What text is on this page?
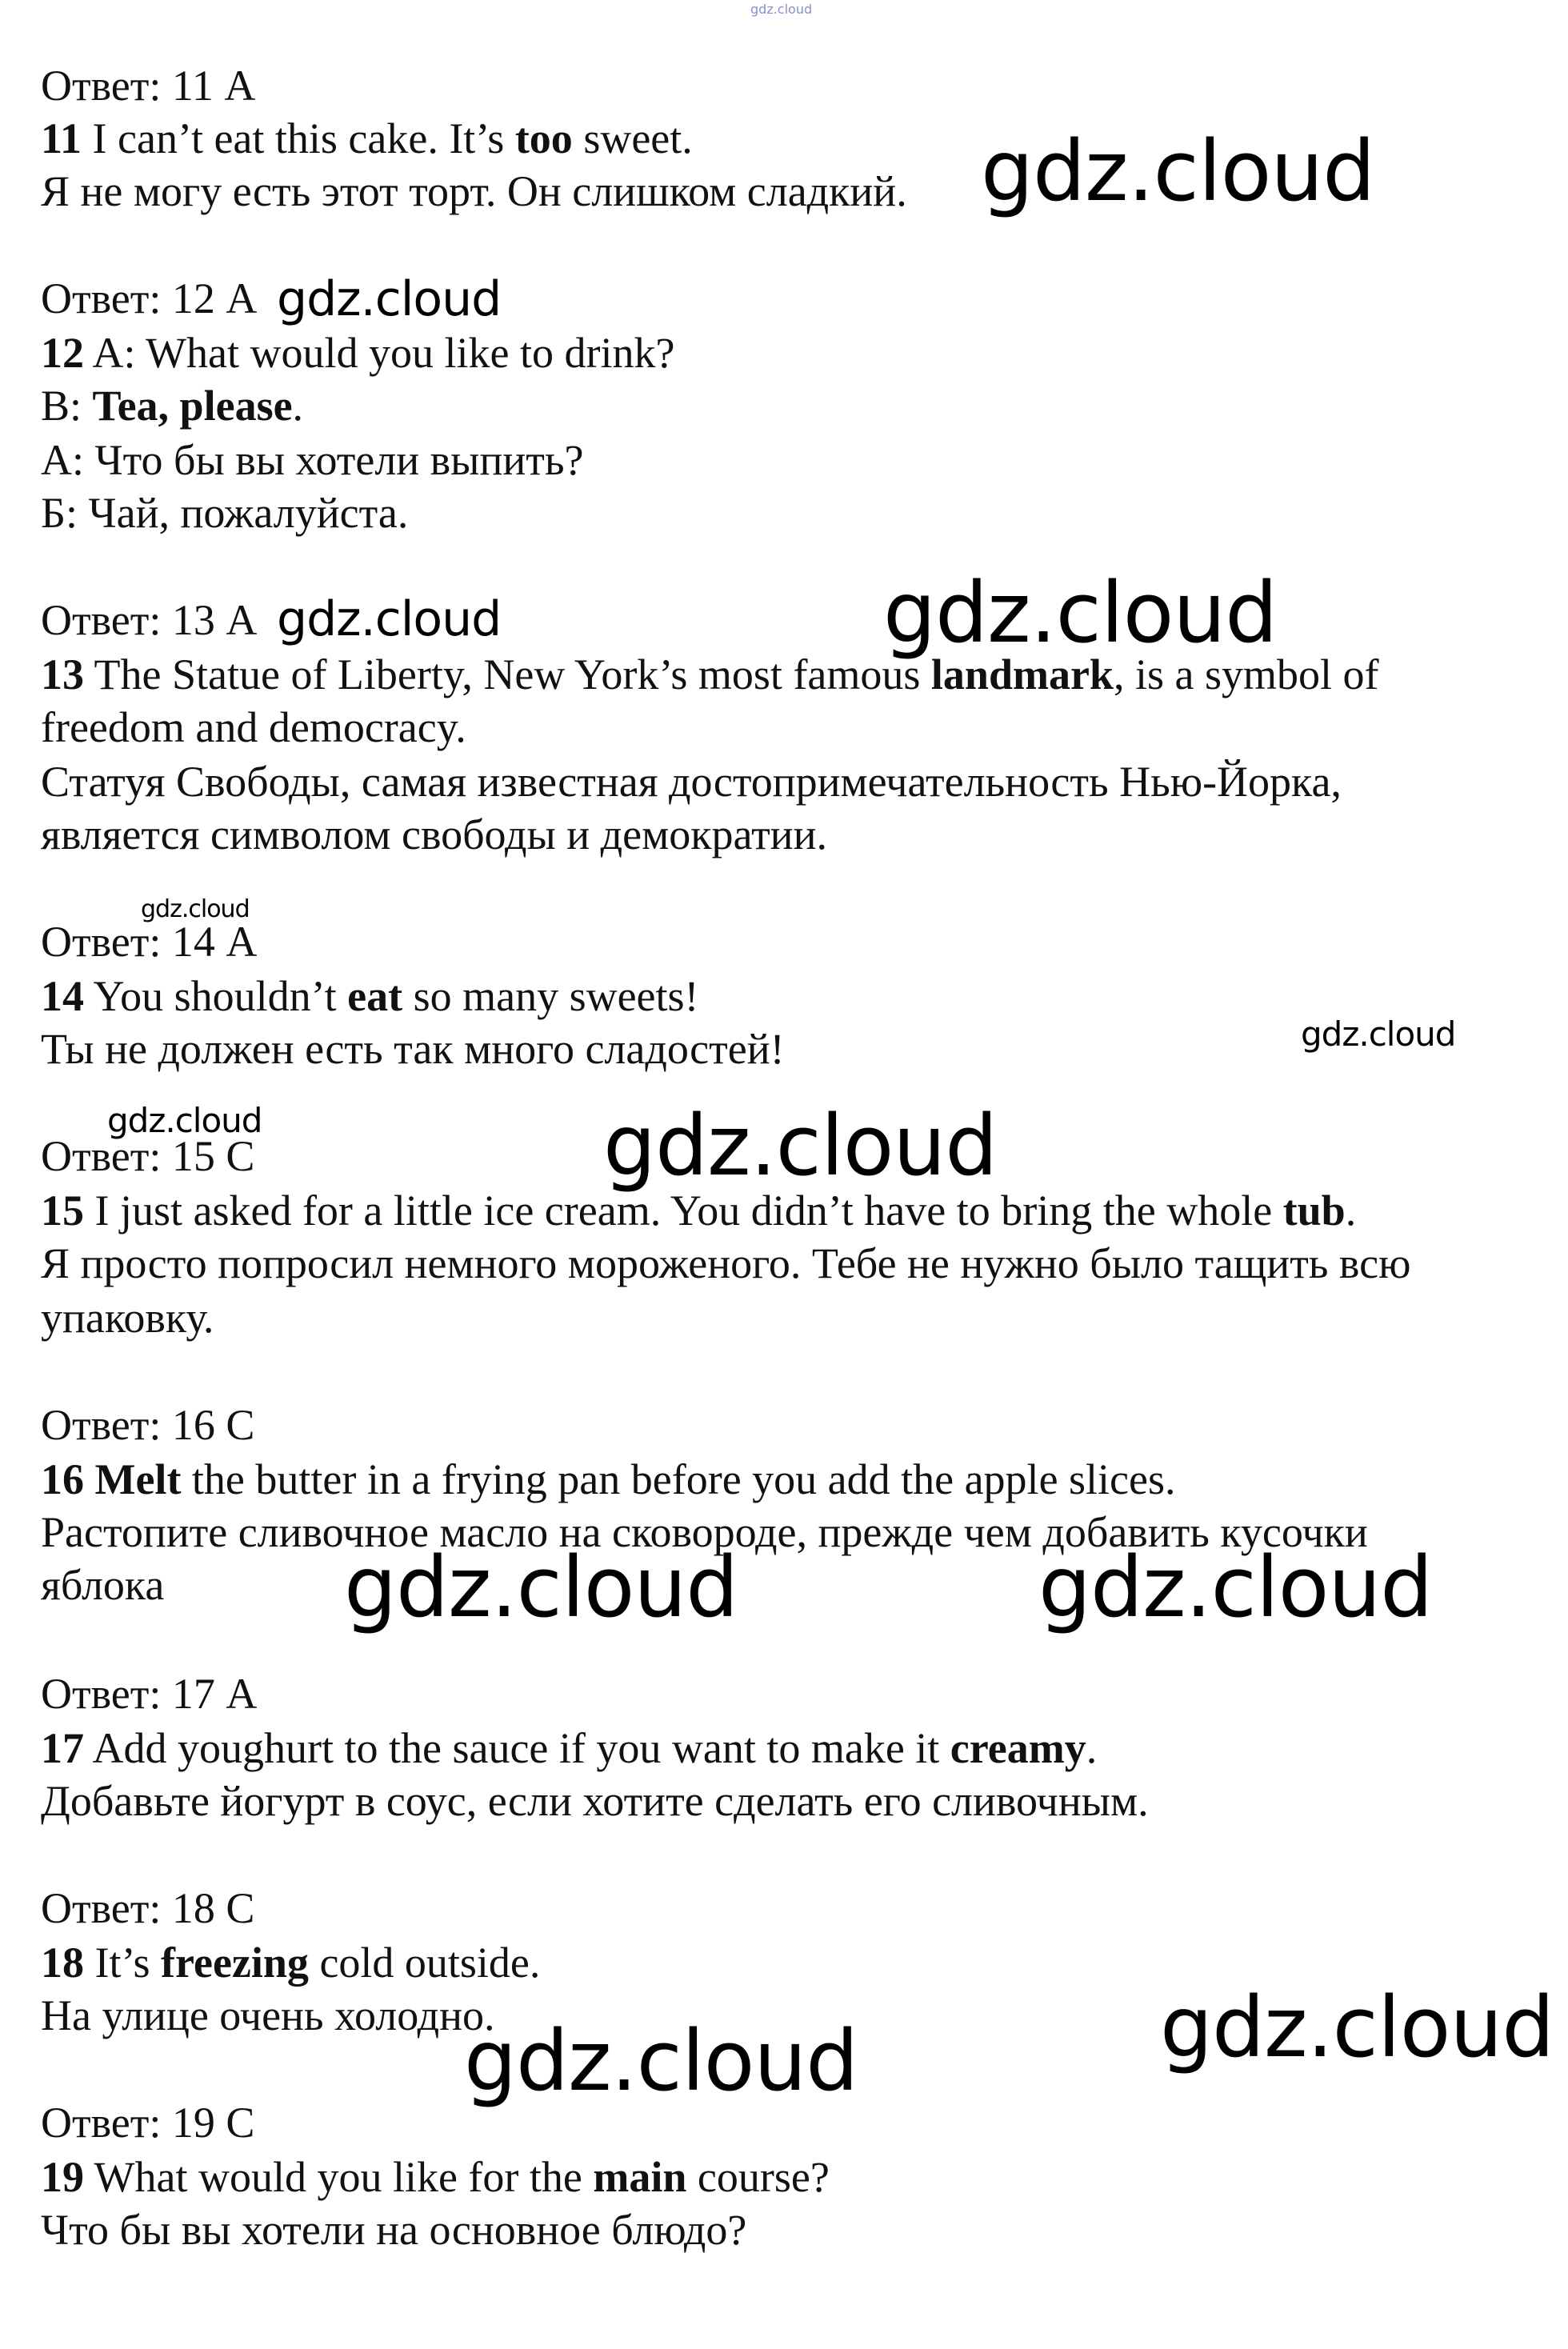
gdz.cloud
Ответ: 11 A
11 I can’t eat this cake. It’s too sweet.
Я не могу есть этот торт. Он слишком сладкий.
Ответ: 12 A
12 A: What would you like to drink?
B: Tea, please.
А: Что бы вы хотели выпить?
Б: Чай, пожалуйста.
Ответ: 13 A
13 The Statue of Liberty, New York’s most famous landmark, is a symbol of
freedom and democracy.
Статуя Свободы, самая известная достопримечательность Нью-Йорка,
является символом свободы и демократии.
Ответ: 14 A
14 You shouldn’t eat so many sweets!
Ты не должен есть так много сладостей!
Ответ: 15 C
15 I just asked for a little ice cream. You didn’t have to bring the whole tub.
Я просто попросил немного мороженого. Тебе не нужно было тащить всю
упаковку.
Ответ: 16 C
16 Melt the butter in a frying pan before you add the apple slices.
Растопите сливочное масло на сковороде, прежде чем добавить кусочки
яблока
Ответ: 17 A
17 Add youghurt to the sauce if you want to make it creamy.
Добавьте йогурт в соус, если хотите сделать его сливочным.
Ответ: 18 C
18 It’s freezing cold outside.
На улице очень холодно.
Ответ: 19 C
19 What would you like for the main course?
Что бы вы хотели на основное блюдо?
gdz.cloud
gdz.cloud
gdz.cloud	gdz.cloud
gdz.cloud
gdz.cloud
gdz.cloud	gdz.cloud
gdz.cloud	gdz.cloud
gdz.cloud
gdz.cloud
